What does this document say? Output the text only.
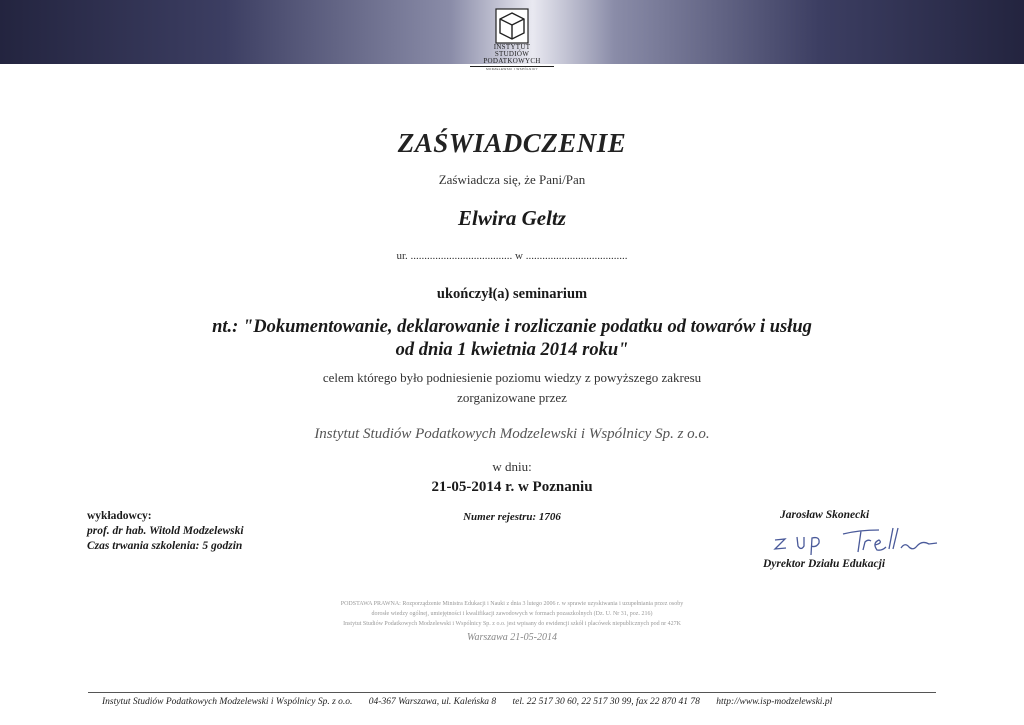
INSTYTUT
STUDIÓW
PODATKOWYCH
MODZELEWSKI I WSPÓLNICY
ZAŚWIADCZENIE
Zaświadcza się, że Pani/Pan
Elwira Geltz
ur. ..................................... w .....................................
ukończył(a) seminarium
nt.: "Dokumentowanie, deklarowanie i rozliczanie podatku od towarów i usług
od dnia 1 kwietnia 2014 roku"
celem którego było podniesienie poziomu wiedzy z powyższego zakresu
zorganizowane przez
Instytut Studiów Podatkowych Modzelewski i Wspólnicy Sp. z o.o.
w dniu:
21-05-2014 r. w Poznaniu
Numer rejestru: 1706
wykładowcy:
prof. dr hab. Witold Modzelewski
Czas trwania szkolenia: 5 godzin
Jarosław Skonecki
Dyrektor Działu Edukacji
PODSTAWA PRAWNA: Rozporządzenie Ministra Edukacji i Nauki z dnia 3 lutego 2006 r. w sprawie uzyskiwania i uzupełniania przez osoby
dorosłe wiedzy ogólnej, umiejętności i kwalifikacji zawodowych w formach pozaszkolnych (Dz. U. Nr 31, poz. 216)
Instytut Studiów Podatkowych Modzelewski i Wspólnicy Sp. z o.o. jest wpisany do ewidencji szkół i placówek niepublicznych pod nr 427K
Warszawa 21-05-2014
Instytut Studiów Podatkowych Modzelewski i Wspólnicy Sp. z o.o. 04-367 Warszawa, ul. Kaleńska 8 tel. 22 517 30 60, 22 517 30 99, fax 22 870 41 78 http://www.isp-modzelewski.pl
